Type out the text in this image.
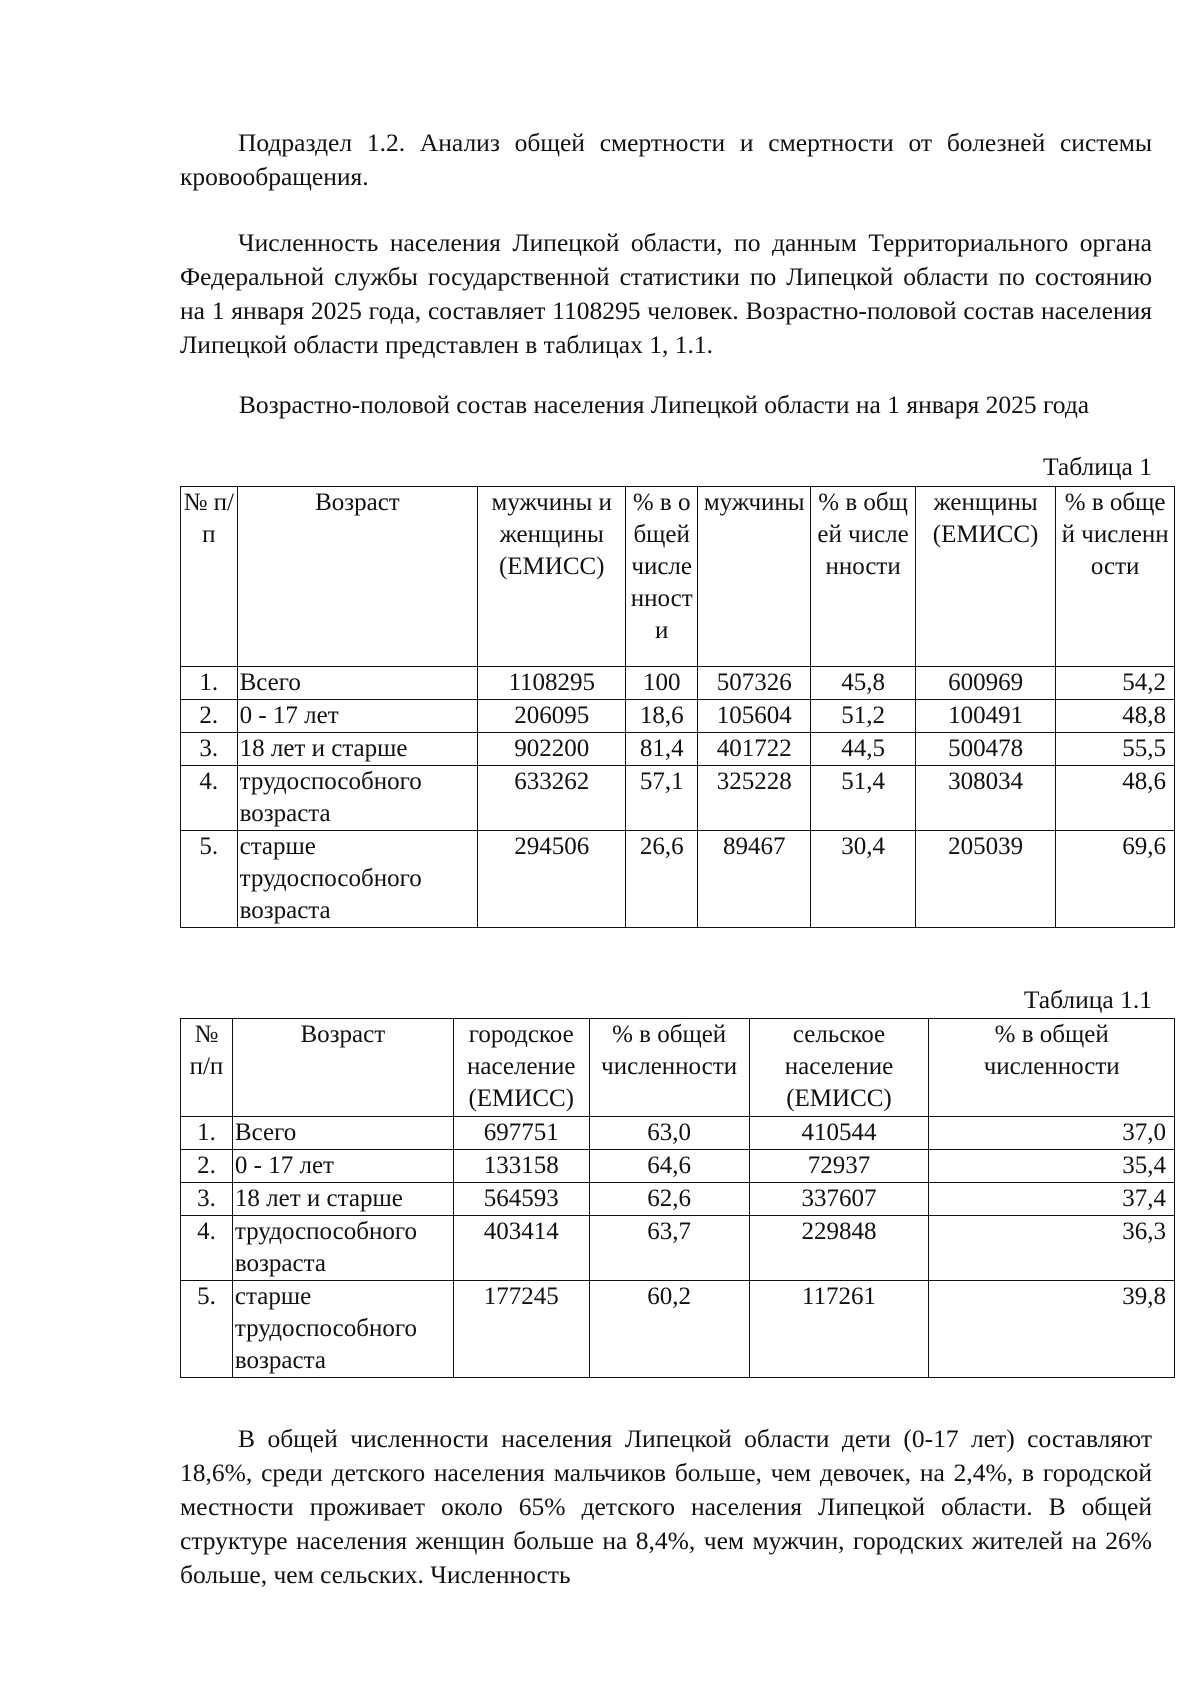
Подраздел 1.2. Анализ общей смертности и смертности от болезней системы кровообращения.

Численность населения Липецкой области, по данным Территориального органа Федеральной службы государственной статистики по Липецкой области по состоянию на 1 января 2025 года, составляет 1108295 человек. Возрастно-половой состав населения Липецкой области представлен в таблицах 1, 1.1.

Возрастно-половой состав населения Липецкой области на 1 января 2025 года

Таблица 1
№ п/п	Возраст	мужчины и женщины (ЕМИСС)	% в общей численности	мужчины	% в общей численности	женщины (ЕМИСС)	% в общей численности
1.	Всего	1108295	100	507326	45,8	600969	54,2
2.	0 - 17 лет	206095	18,6	105604	51,2	100491	48,8
3.	18 лет и старше	902200	81,4	401722	44,5	500478	55,5
4.	трудоспособного возраста	633262	57,1	325228	51,4	308034	48,6
5.	старше трудоспособного возраста	294506	26,6	89467	30,4	205039	69,6
Таблица 1.1
№ п/п	Возраст	городское население (ЕМИСС)	% в общей численности	сельское население (ЕМИСС)	% в общей численности
1.	Всего	697751	63,0	410544	37,0
2.	0 - 17 лет	133158	64,6	72937	35,4
3.	18 лет и старше	564593	62,6	337607	37,4
4.	трудоспособного возраста	403414	63,7	229848	36,3
5.	старше трудоспособного возраста	177245	60,2	117261	39,8

В общей численности населения Липецкой области дети (0-17 лет) составляют 18,6%, среди детского населения мальчиков больше, чем девочек, на 2,4%, в городской местности проживает около 65% детского населения Липецкой области. В общей структуре населения женщин больше на 8,4%, чем мужчин, городских жителей на 26% больше, чем сельских. Численность
